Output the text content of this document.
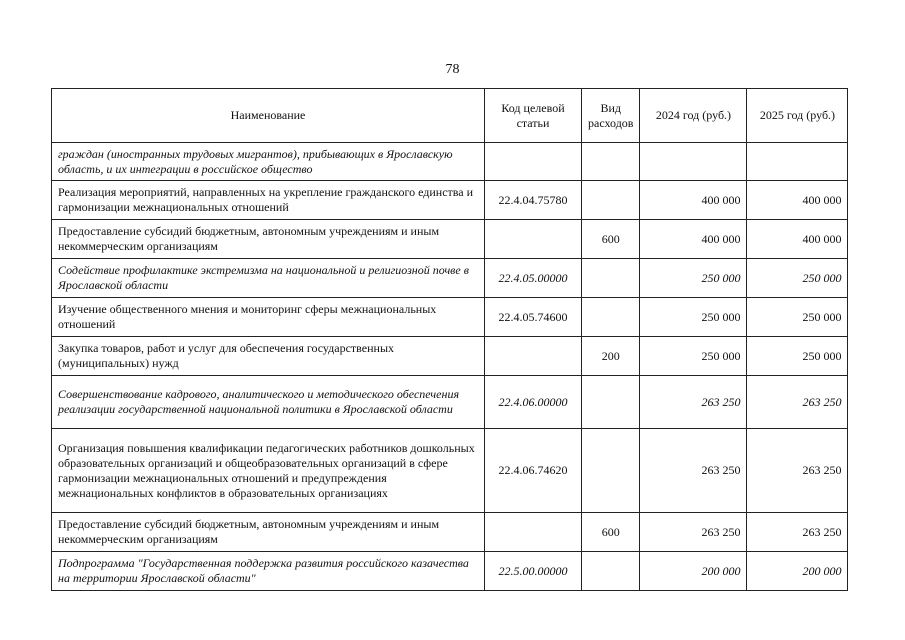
78
Наименование	Код целевой статьи	Вид расходов	2024 год (руб.)	2025 год (руб.)
граждан (иностранных трудовых мигрантов), прибывающих в Ярославскую область, и их интеграции в российское общество				
Реализация мероприятий, направленных на укрепление гражданского единства и гармонизации межнациональных отношений	22.4.04.75780		400 000	400 000
Предоставление субсидий бюджетным, автономным учреждениям и иным некоммерческим организациям		600	400 000	400 000
Содействие профилактике экстремизма на национальной и религиозной почве в Ярославской области	22.4.05.00000		250 000	250 000
Изучение общественного мнения и мониторинг сферы межнациональных отношений	22.4.05.74600		250 000	250 000
Закупка товаров, работ и услуг для обеспечения государственных (муниципальных) нужд		200	250 000	250 000
Совершенствование кадрового, аналитического и методического обеспечения реализации государственной национальной политики в Ярославской области	22.4.06.00000		263 250	263 250
Организация повышения квалификации педагогических работников дошкольных образовательных организаций и общеобразовательных организаций в сфере гармонизации межнациональных отношений и предупреждения межнациональных конфликтов в образовательных организациях	22.4.06.74620		263 250	263 250
Предоставление субсидий бюджетным, автономным учреждениям и иным некоммерческим организациям		600	263 250	263 250
Подпрограмма "Государственная поддержка развития российского казачества на территории Ярославской области"	22.5.00.00000		200 000	200 000
